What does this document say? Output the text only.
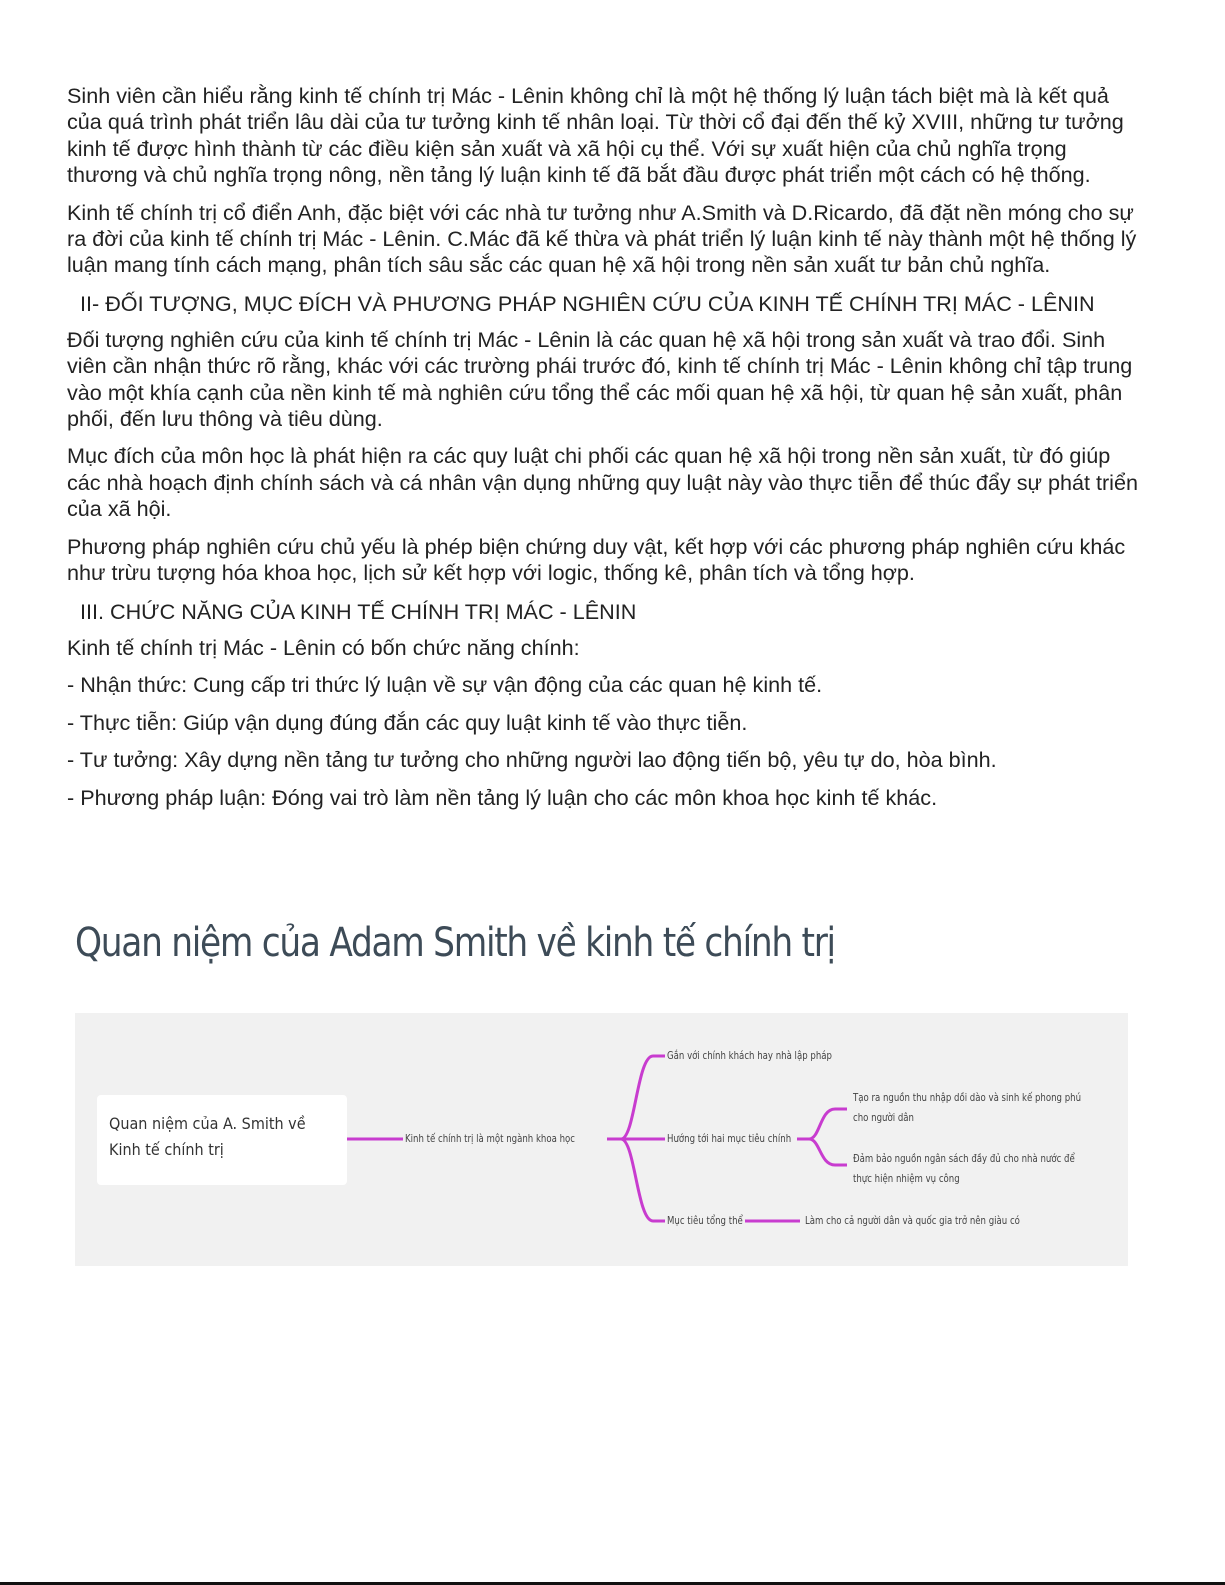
Sinh viên cần hiểu rằng kinh tế chính trị Mác - Lênin không chỉ là một hệ thống lý luận tách biệt mà là kết quả của quá trình phát triển lâu dài của tư tưởng kinh tế nhân loại. Từ thời cổ đại đến thế kỷ XVIII, những tư tưởng kinh tế được hình thành từ các điều kiện sản xuất và xã hội cụ thể. Với sự xuất hiện của chủ nghĩa trọng thương và chủ nghĩa trọng nông, nền tảng lý luận kinh tế đã bắt đầu được phát triển một cách có hệ thống.

Kinh tế chính trị cổ điển Anh, đặc biệt với các nhà tư tưởng như A.Smith và D.Ricardo, đã đặt nền móng cho sự ra đời của kinh tế chính trị Mác - Lênin. C.Mác đã kế thừa và phát triển lý luận kinh tế này thành một hệ thống lý luận mang tính cách mạng, phân tích sâu sắc các quan hệ xã hội trong nền sản xuất tư bản chủ nghĩa.

II- ĐỐI TƯỢNG, MỤC ĐÍCH VÀ PHƯƠNG PHÁP NGHIÊN CỨU CỦA KINH TẾ CHÍNH TRỊ MÁC - LÊNIN

Đối tượng nghiên cứu của kinh tế chính trị Mác - Lênin là các quan hệ xã hội trong sản xuất và trao đổi. Sinh viên cần nhận thức rõ rằng, khác với các trường phái trước đó, kinh tế chính trị Mác - Lênin không chỉ tập trung vào một khía cạnh của nền kinh tế mà nghiên cứu tổng thể các mối quan hệ xã hội, từ quan hệ sản xuất, phân phối, đến lưu thông và tiêu dùng.

Mục đích của môn học là phát hiện ra các quy luật chi phối các quan hệ xã hội trong nền sản xuất, từ đó giúp các nhà hoạch định chính sách và cá nhân vận dụng những quy luật này vào thực tiễn để thúc đẩy sự phát triển của xã hội.

Phương pháp nghiên cứu chủ yếu là phép biện chứng duy vật, kết hợp với các phương pháp nghiên cứu khác như trừu tượng hóa khoa học, lịch sử kết hợp với logic, thống kê, phân tích và tổng hợp.

III. CHỨC NĂNG CỦA KINH TẾ CHÍNH TRỊ MÁC - LÊNIN

Kinh tế chính trị Mác - Lênin có bốn chức năng chính:

- Nhận thức: Cung cấp tri thức lý luận về sự vận động của các quan hệ kinh tế.

- Thực tiễn: Giúp vận dụng đúng đắn các quy luật kinh tế vào thực tiễn.

- Tư tưởng: Xây dựng nền tảng tư tưởng cho những người lao động tiến bộ, yêu tự do, hòa bình.

- Phương pháp luận: Đóng vai trò làm nền tảng lý luận cho các môn khoa học kinh tế khác.

Quan niệm của Adam Smith về kinh tế chính trị
Quan niệm của A. Smith về Kinh tế chính trị
Kinh tế chính trị là một ngành khoa học
Gắn với chính khách hay nhà lập pháp
Hướng tới hai mục tiêu chính
Tạo ra nguồn thu nhập dồi dào và sinh kế phong phú cho người dân
Đảm bảo nguồn ngân sách đầy đủ cho nhà nước để thực hiện nhiệm vụ công
Mục tiêu tổng thể	Làm cho cả người dân và quốc gia trở nên giàu có
